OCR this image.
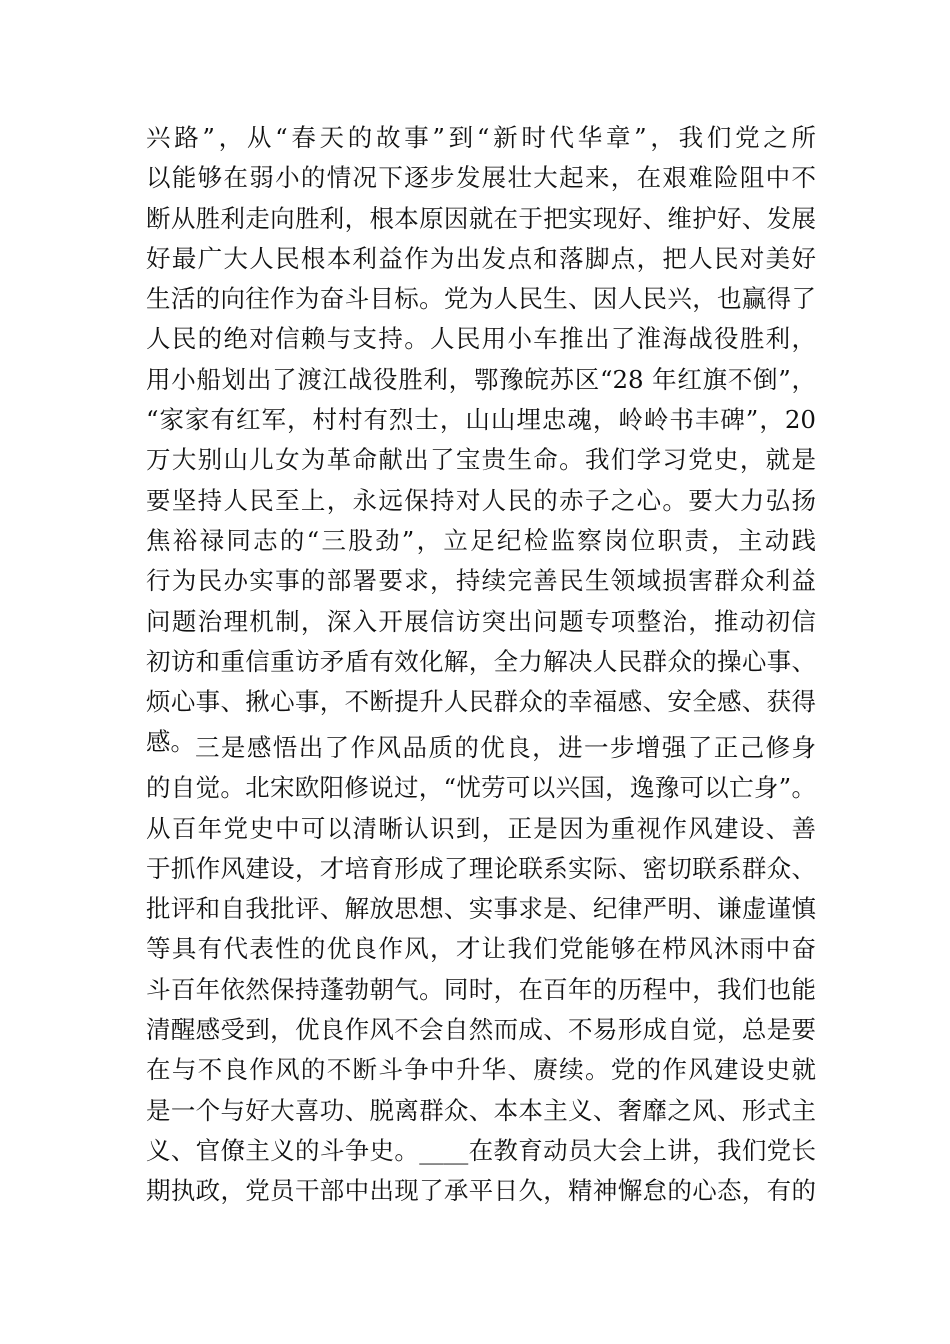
兴路”，从“春天的故事”到“新时代华章”，我们党之所
以能够在弱小的情况下逐步发展壮大起来，在艰难险阻中不
断从胜利走向胜利，根本原因就在于把实现好、维护好、发展
好最广大人民根本利益作为出发点和落脚点，把人民对美好
生活的向往作为奋斗目标。党为人民生、因人民兴，也赢得了
人民的绝对信赖与支持。人民用小车推出了淮海战役胜利，
用小船划出了渡江战役胜利，鄂豫皖苏区“28 年红旗不倒”，
“家家有红军，村村有烈士，山山埋忠魂，岭岭书丰碑”，20
万大别山儿女为革命献出了宝贵生命。我们学习党史，就是
要坚持人民至上，永远保持对人民的赤子之心。要大力弘扬
焦裕禄同志的“三股劲”，立足纪检监察岗位职责，主动践
行为民办实事的部署要求，持续完善民生领域损害群众利益
问题治理机制，深入开展信访突出问题专项整治，推动初信
初访和重信重访矛盾有效化解，全力解决人民群众的操心事、
烦心事、揪心事，不断提升人民群众的幸福感、安全感、获得
感。 三是感悟出了作风品质的优良，进一步增强了正己修身
的自觉。北宋欧阳修说过，“忧劳可以兴国，逸豫可以亡身”。
从百年党史中可以清晰认识到，正是因为重视作风建设、善
于抓作风建设，才培育形成了理论联系实际、密切联系群众、
批评和自我批评、解放思想、实事求是、纪律严明、谦虚谨慎
等具有代表性的优良作风，才让我们党能够在栉风沐雨中奋
斗百年依然保持蓬勃朝气。同时，在百年的历程中，我们也能
清醒感受到，优良作风不会自然而成、不易形成自觉，总是要
在与不良作风的不断斗争中升华、赓续。党的作风建设史就
是一个与好大喜功、脱离群众、本本主义、奢靡之风、形式主
义、官僚主义的斗争史。____在教育动员大会上讲，我们党长
期执政，党员干部中出现了承平日久，精神懈怠的心态，有的
